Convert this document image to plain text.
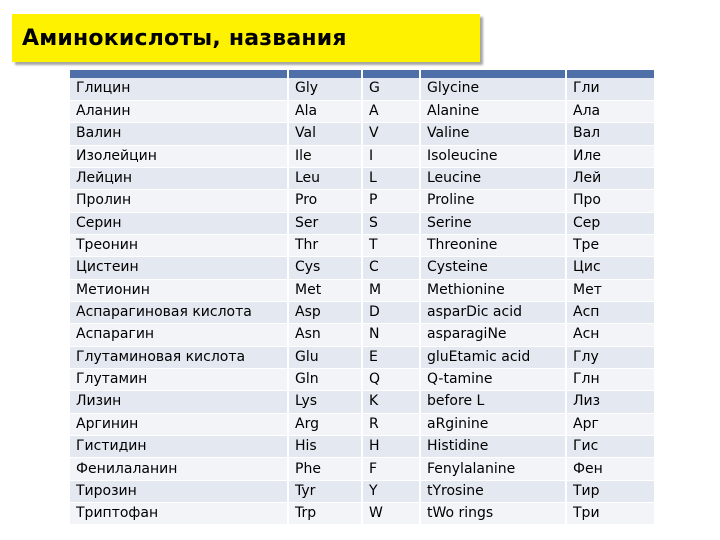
Аминокислоты, названия

Глицин	Gly	G	Glycine	Гли
Аланин	Ala	A	Alanine	Ала
Валин	Val	V	Valine	Вал
Изолейцин	Ile	I	Isoleucine	Иле
Лейцин	Leu	L	Leucine	Лей
Пролин	Pro	P	Proline	Про
Серин	Ser	S	Serine	Сер
Треонин	Thr	T	Threonine	Тре
Цистеин	Cys	C	Cysteine	Цис
Метионин	Met	M	Methionine	Мет
Аспарагиновая кислота	Asp	D	asparDic acid	Асп
Аспарагин	Asn	N	asparagiNe	Асн
Глутаминовая кислота	Glu	E	gluEtamic acid	Глу
Глутамин	Gln	Q	Q-tamine	Глн
Лизин	Lys	K	before L	Лиз
Аргинин	Arg	R	aRginine	Арг
Гистидин	His	H	Histidine	Гис
Фенилаланин	Phe	F	Fenylalanine	Фен
Тирозин	Tyr	Y	tYrosine	Тир
Триптофан	Trp	W	tWo rings	Три
